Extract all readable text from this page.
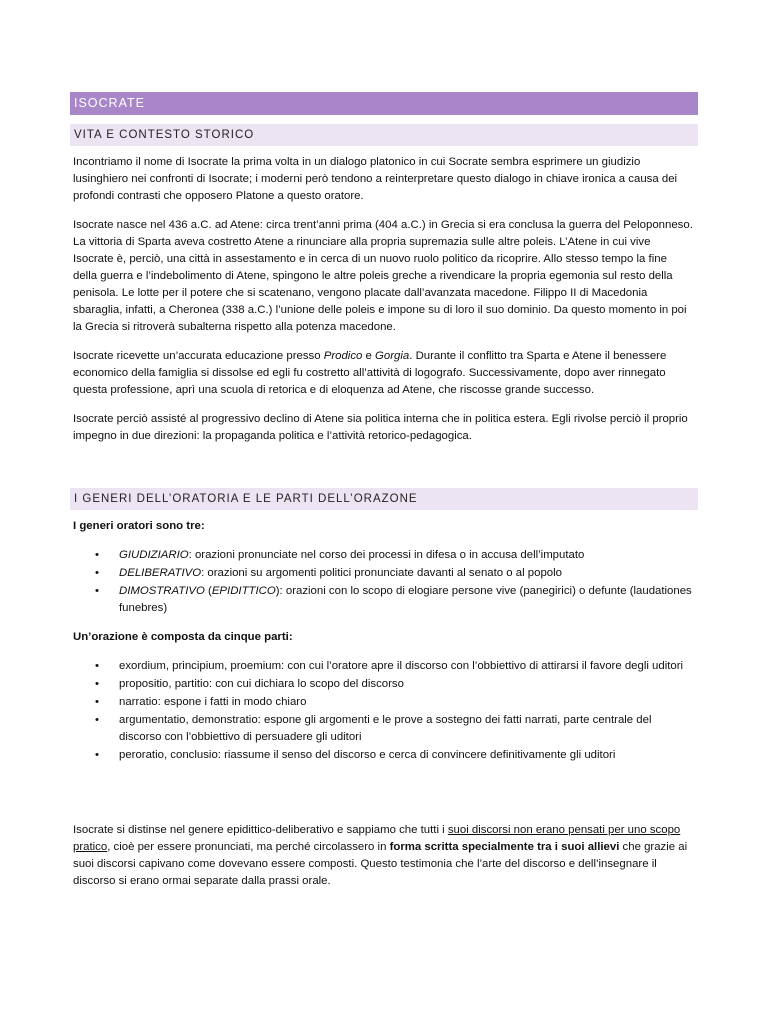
ISOCRATE
VITA E CONTESTO STORICO

Incontriamo il nome di Isocrate la prima volta in un dialogo platonico in cui Socrate sembra esprimere un giudizio lusinghiero nei confronti di Isocrate; i moderni però tendono a reinterpretare questo dialogo in chiave ironica a causa dei profondi contrasti che opposero Platone a questo oratore.

Isocrate nasce nel 436 a.C. ad Atene: circa trent’anni prima (404 a.C.) in Grecia si era conclusa la guerra del Peloponneso. La vittoria di Sparta aveva costretto Atene a rinunciare alla propria supremazia sulle altre poleis. L’Atene in cui vive Isocrate è, perciò, una città in assestamento e in cerca di un nuovo ruolo politico da ricoprire. Allo stesso tempo la fine della guerra e l’indebolimento di Atene, spingono le altre poleis greche a rivendicare la propria egemonia sul resto della penisola. Le lotte per il potere che si scatenano, vengono placate dall’avanzata macedone. Filippo II di Macedonia sbaraglia, infatti, a Cheronea (338 a.C.) l’unione delle poleis e impone su di loro il suo dominio. Da questo momento in poi la Grecia si ritroverà subalterna rispetto alla potenza macedone.

Isocrate ricevette un’accurata educazione presso Prodico e Gorgia. Durante il conflitto tra Sparta e Atene il benessere economico della famiglia si dissolse ed egli fu costretto all’attività di logografo. Successivamente, dopo aver rinnegato questa professione, aprì una scuola di retorica e di eloquenza ad Atene, che riscosse grande successo.

Isocrate perciò assisté al progressivo declino di Atene sia politica interna che in politica estera. Egli rivolse perciò il proprio impegno in due direzioni: la propaganda politica e l’attività retorico-pedagogica.

I GENERI DELL’ORATORIA E LE PARTI DELL’ORAZONE

I generi oratori sono tre:

• GIUDIZIARIO: orazioni pronunciate nel corso dei processi in difesa o in accusa dell’imputato
• DELIBERATIVO: orazioni su argomenti politici pronunciate davanti al senato o al popolo
• DIMOSTRATIVO (EPIDITTICO): orazioni con lo scopo di elogiare persone vive (panegirici) o defunte (laudationes funebres)

Un’orazione è composta da cinque parti:

• exordium, principium, proemium: con cui l’oratore apre il discorso con l’obbiettivo di attirarsi il favore degli uditori
• propositio, partitio: con cui dichiara lo scopo del discorso
• narratio: espone i fatti in modo chiaro
• argumentatio, demonstratio: espone gli argomenti e le prove a sostegno dei fatti narrati, parte centrale del discorso con l’obbiettivo di persuadere gli uditori
• peroratio, conclusio: riassume il senso del discorso e cerca di convincere definitivamente gli uditori

Isocrate si distinse nel genere epidittico-deliberativo e sappiamo che tutti i suoi discorsi non erano pensati per uno scopo pratico, cioè per essere pronunciati, ma perché circolassero in forma scritta specialmente tra i suoi allievi che grazie ai suoi discorsi capivano come dovevano essere composti. Questo testimonia che l’arte del discorso e dell’insegnare il discorso si erano ormai separate dalla prassi orale.
